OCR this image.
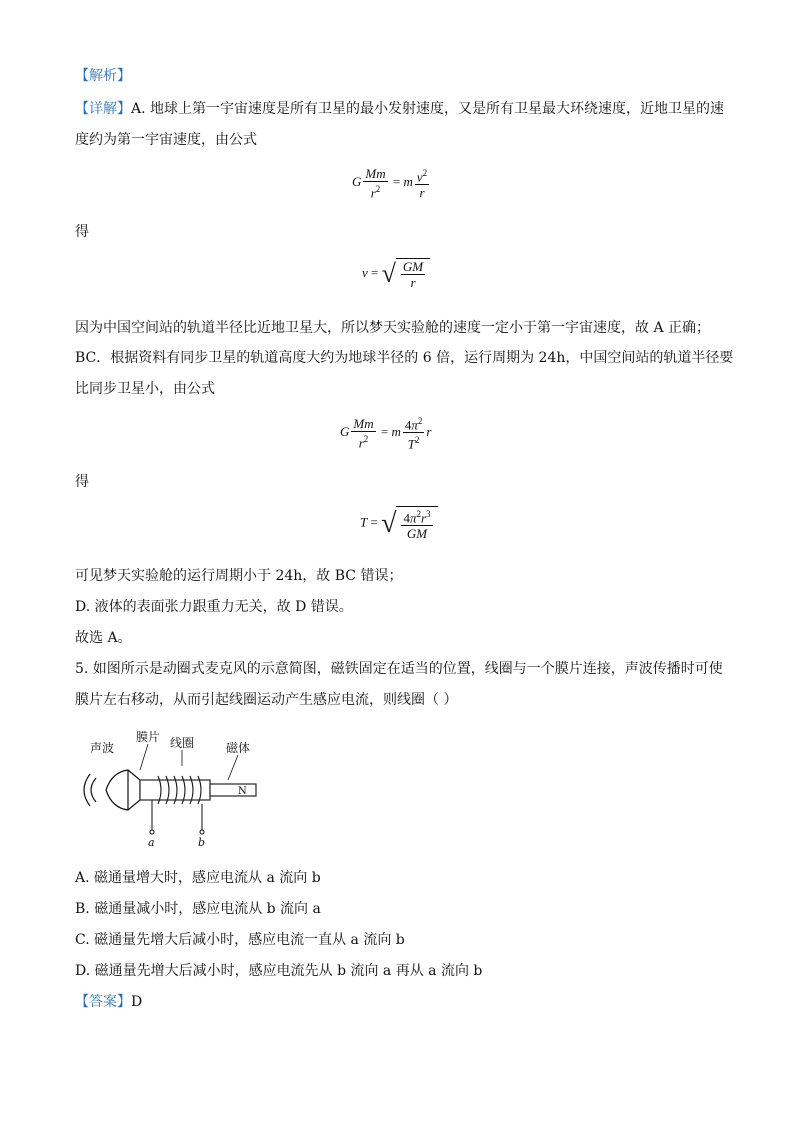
【解析】
【详解】A. 地球上第一宇宙速度是所有卫星的最小发射速度，又是所有卫星最大环绕速度，近地卫星的速
度约为第一宇宙速度，由公式
G $\frac{Mm}{r^2} = m \frac{v^2}{r}$
得
v = √ $\frac{GM}{r}$
因为中国空间站的轨道半径比近地卫星大，所以梦天实验舱的速度一定小于第一宇宙速度，故 A 正确；
BC．根据资料有同步卫星的轨道高度大约为地球半径的 6 倍，运行周期为 24h，中国空间站的轨道半径要
比同步卫星小，由公式
G $\frac{Mm}{r^2} = m \frac{4\pi^2}{T^2}$ r
得
T = √ $\frac{4\pi^2r^3}{GM}$
可见梦天实验舱的运行周期小于 24h，故 BC 错误；
D. 液体的表面张力跟重力无关，故 D 错误。
故选 A。
5. 如图所示是动圈式麦克风的示意简图，磁铁固定在适当的位置，线圈与一个膜片连接，声波传播时可使
膜片左右移动，从而引起线圈运动产生感应电流，则线圈（ ）
声波
膜片 线圈	磁体
N
a	b
A. 磁通量增大时，感应电流从 a 流向 b
B. 磁通量减小时，感应电流从 b 流向 a
C. 磁通量先增大后减小时，感应电流一直从 a 流向 b
D. 磁通量先增大后减小时，感应电流先从 b 流向 a 再从 a 流向 b
【答案】D
